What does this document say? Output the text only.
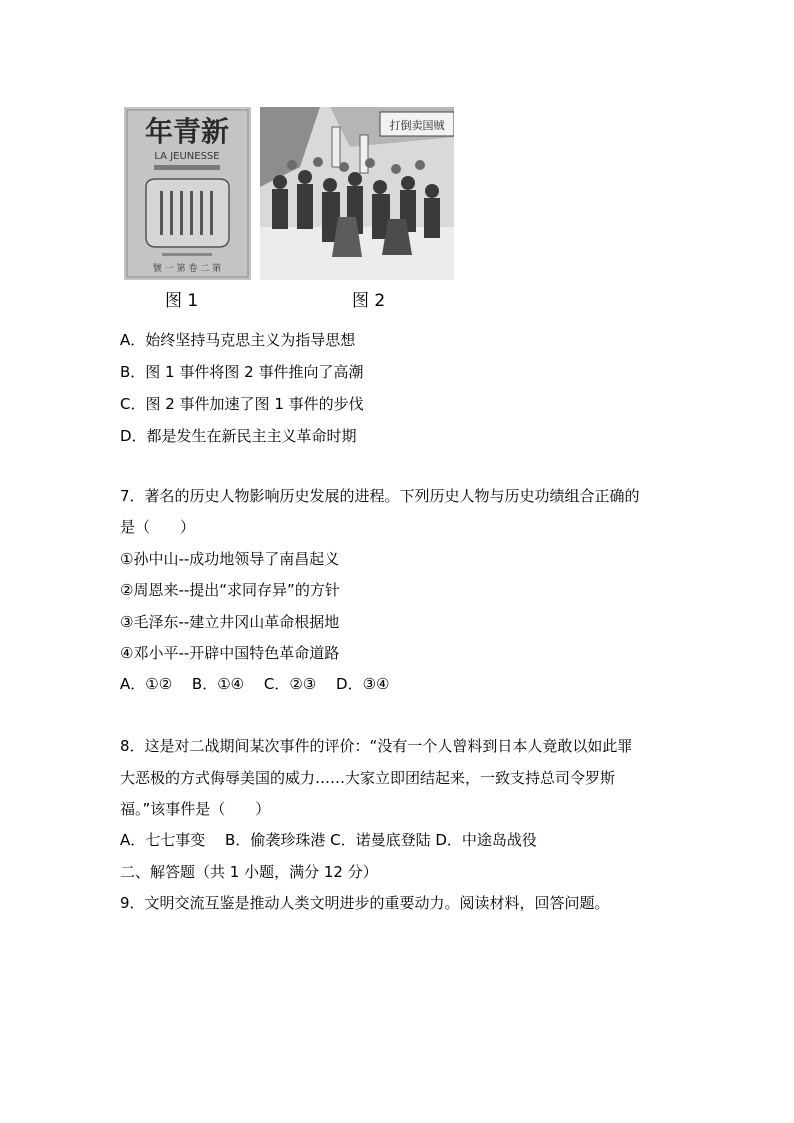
年青新
LA JEUNESSE
號 一 第 卷 二 第
打倒卖国贼
图 1	图 2
A．始终坚持马克思主义为指导思想
B．图 1 事件将图 2 事件推向了高潮
C．图 2 事件加速了图 1 事件的步伐
D．都是发生在新民主主义革命时期
7．著名的历史人物影响历史发展的进程。下列历史人物与历史功绩组合正确的
是（　　）
①孙中山--成功地领导了南昌起义
②周恩来--提出“求同存异”的方针
③毛泽东--建立井冈山革命根据地
④邓小平--开辟中国特色革命道路
A．①②　 B．①④　 C．②③　 D．③④
8．这是对二战期间某次事件的评价：“没有一个人曾料到日本人竟敢以如此罪
大恶极的方式侮辱美国的威力……大家立即团结起来，一致支持总司令罗斯
福。”该事件是（　　）
A．七七事变　 B．偷袭珍珠港 C．诺曼底登陆 D．中途岛战役
二、解答题（共 1 小题，满分 12 分）
9．文明交流互鉴是推动人类文明进步的重要动力。阅读材料，回答问题。
